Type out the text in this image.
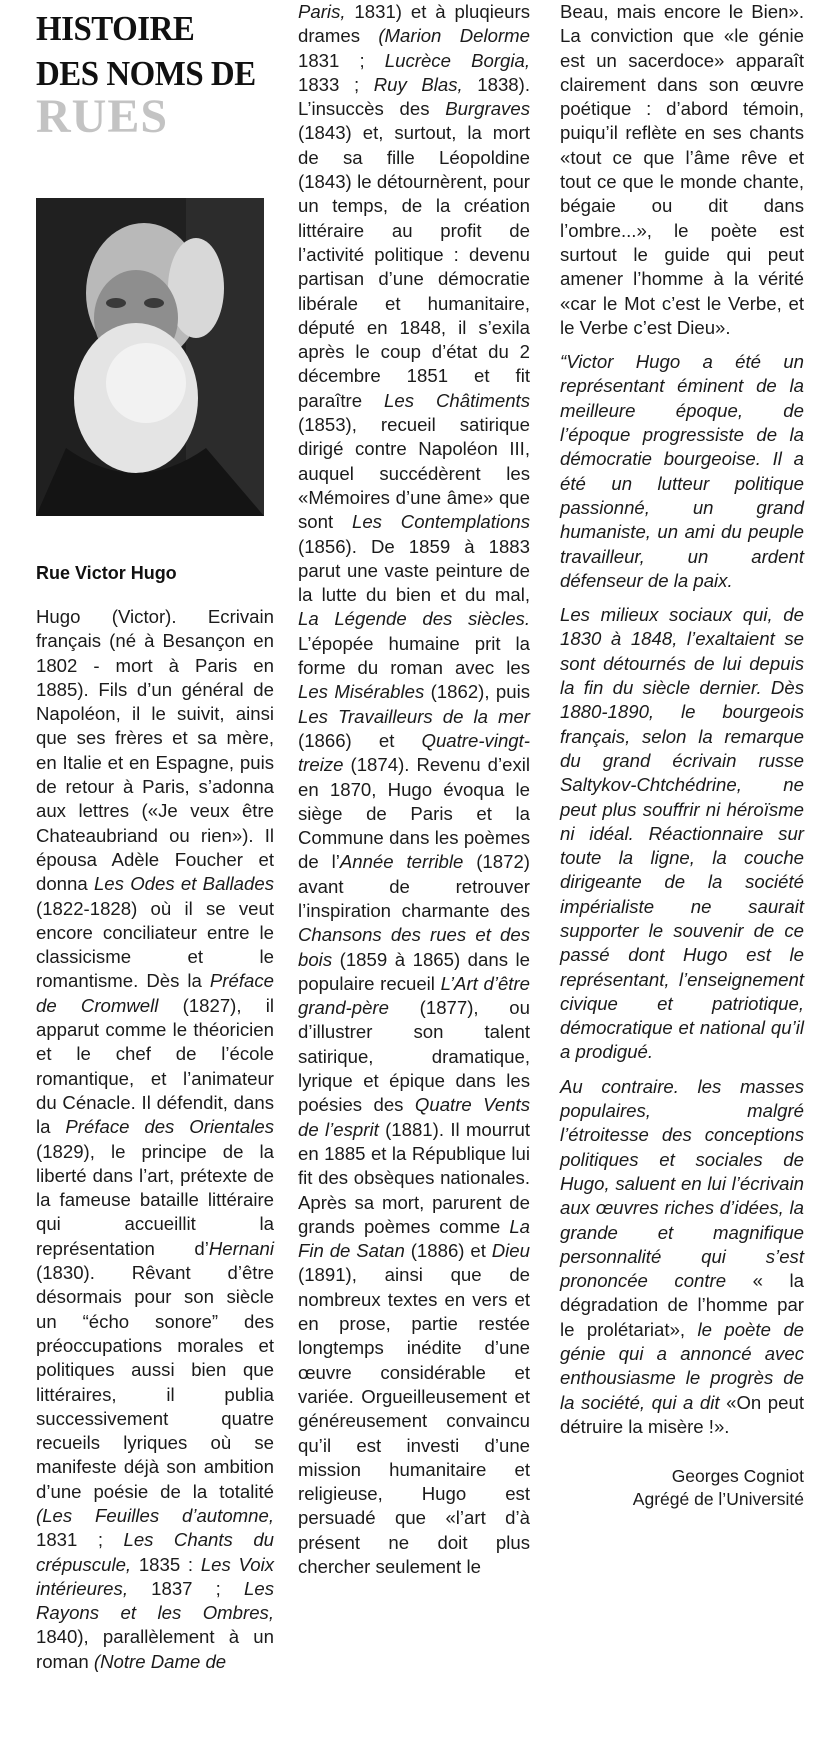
HISTOIRE
DES NOMS DE
RUES
Rue Victor Hugo

Hugo (Victor). Ecrivain français (né à Besançon en 1802 - mort à Paris en 1885). Fils d’un général de Napoléon, il le suivit, ainsi que ses frères et sa mère, en Italie et en Espagne, puis de retour à Paris, s’adonna aux lettres («Je veux être Chateaubriand ou rien»). Il épousa Adèle Foucher et donna Les Odes et Ballades (1822-1828) où il se veut encore conciliateur entre le classicisme et le romantisme. Dès la Préface de Cromwell (1827), il apparut comme le théoricien et le chef de l’école romantique, et l’animateur du Cénacle. Il défendit, dans la Préface des Orientales (1829), le principe de la liberté dans l’art, prétexte de la fameuse bataille littéraire qui accueillit la représentation d’Hernani (1830). Rêvant d’être désormais pour son siècle un “écho sonore” des préoccupations morales et politiques aussi bien que littéraires, il publia successivement quatre recueils lyriques où se manifeste déjà son ambition d’une poésie de la totalité (Les Feuilles d’automne, 1831 ; Les Chants du crépuscule, 1835 : Les Voix intérieures, 1837 ; Les Rayons et les Ombres, 1840), parallèlement à un roman (Notre Dame de

Paris, 1831) et à pluqieurs drames (Marion Delorme 1831 ; Lucrèce Borgia, 1833 ; Ruy Blas, 1838). L’insuccès des Burgraves (1843) et, surtout, la mort de sa fille Léopoldine (1843) le détournèrent, pour un temps, de la création littéraire au profit de l’activité politique : devenu partisan d’une démocratie libérale et humanitaire, député en 1848, il s’exila après le coup d’état du 2 décembre 1851 et fit paraître Les Châtiments (1853), recueil satirique dirigé contre Napoléon III, auquel succédèrent les «Mémoires d’une âme» que sont Les Contemplations (1856). De 1859 à 1883 parut une vaste peinture de la lutte du bien et du mal, La Légende des siècles. L’épopée humaine prit la forme du roman avec les Les Misérables (1862), puis Les Travailleurs de la mer (1866) et Quatre-vingt-treize (1874). Revenu d’exil en 1870, Hugo évoqua le siège de Paris et la Commune dans les poèmes de l’Année terrible (1872) avant de retrouver l’inspiration charmante des Chansons des rues et des bois (1859 à 1865) dans le populaire recueil L’Art d’être grand-père (1877), ou d’illustrer son talent satirique, dramatique, lyrique et épique dans les poésies des Quatre Vents de l’esprit (1881). Il mourrut en 1885 et la République lui fit des obsèques nationales. Après sa mort, parurent de grands poèmes comme La Fin de Satan (1886) et Dieu (1891), ainsi que de nombreux textes en vers et en prose, partie restée longtemps inédite d’une œuvre considérable et variée. Orgueilleusement et généreusement convaincu qu’il est investi d’une mission humanitaire et religieuse, Hugo est persuadé que «l’art d’à présent ne doit plus chercher seulement le

Beau, mais encore le Bien». La conviction que «le génie est un sacerdoce» apparaît clairement dans son œuvre poétique : d’abord témoin, puiqu’il reflète en ses chants «tout ce que l’âme rêve et tout ce que le monde chante, bégaie ou dit dans l’ombre...», le poète est surtout le guide qui peut amener l’homme à la vérité «car le Mot c’est le Verbe, et le Verbe c’est Dieu».

“Victor Hugo a été un représentant éminent de la meilleure époque, de l’époque progressiste de la démocratie bourgeoise. Il a été un lutteur politique passionné, un grand humaniste, un ami du peuple travailleur, un ardent défenseur de la paix.

Les milieux sociaux qui, de 1830 à 1848, l’exaltaient se sont détournés de lui depuis la fin du siècle dernier. Dès 1880-1890, le bourgeois français, selon la remarque du grand écrivain russe Saltykov-Chtchédrine, ne peut plus souffrir ni héroïsme ni idéal. Réactionnaire sur toute la ligne, la couche dirigeante de la société impérialiste ne saurait supporter le souvenir de ce passé dont Hugo est le représentant, l’enseignement civique et patriotique, démocratique et national qu’il a prodigué.

Au contraire. les masses populaires, malgré l’étroitesse des conceptions politiques et sociales de Hugo, saluent en lui l’écrivain aux œuvres riches d’idées, la grande et magnifique personnalité qui s’est prononcée contre « la dégradation de l’homme par le prolétariat», le poète de génie qui a annoncé avec enthousiasme le progrès de la société, qui a dit «On peut détruire la misère !».

Georges Cogniot
Agrégé de l’Université
